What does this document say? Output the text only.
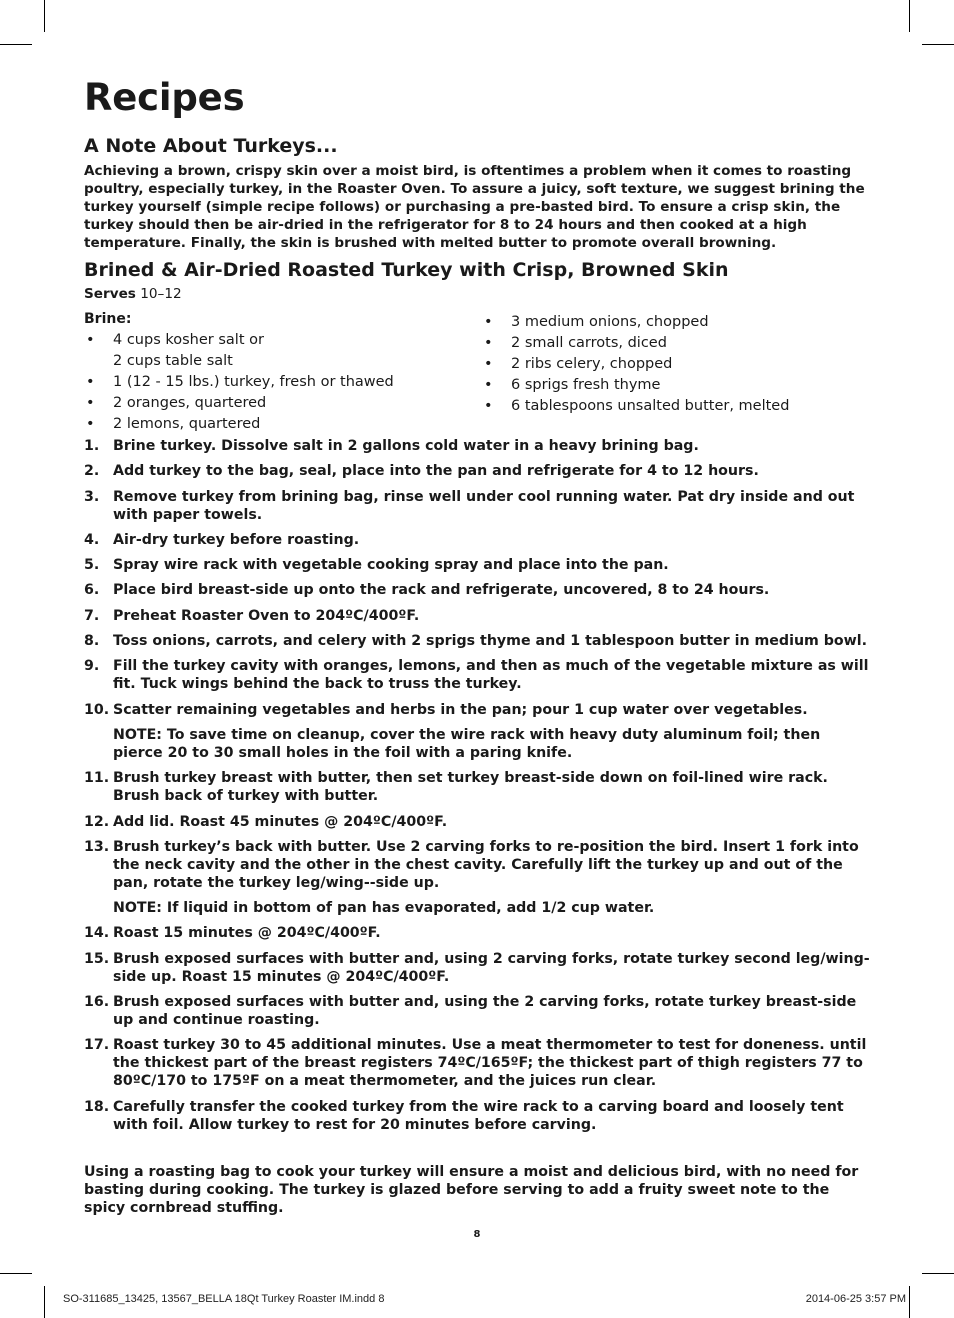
Recipes
A Note About Turkeys...

Achieving a brown, crispy skin over a moist bird, is oftentimes a problem when it comes to roasting poultry, especially turkey, in the Roaster Oven. To assure a juicy, soft texture, we suggest brining the turkey yourself (simple recipe follows) or purchasing a pre-basted bird. To ensure a crisp skin, the turkey should then be air-dried in the refrigerator for 8 to 24 hours and then cooked at a high temperature. Finally, the skin is brushed with melted butter to promote overall browning.

Brined & Air-Dried Roasted Turkey with Crisp, Browned Skin
Serves 10–12
Brine:
• 4 cups kosher salt or
2 cups table salt
• 1 (12 - 15 lbs.) turkey, fresh or thawed
• 2 oranges, quartered
• 2 lemons, quartered
• 3 medium onions, chopped
• 2 small carrots, diced
• 2 ribs celery, chopped
• 6 sprigs fresh thyme
• 6 tablespoons unsalted butter, melted
1. Brine turkey. Dissolve salt in 2 gallons cold water in a heavy brining bag.
2. Add turkey to the bag, seal, place into the pan and refrigerate for 4 to 12 hours.
3. Remove turkey from brining bag, rinse well under cool running water. Pat dry inside and out with paper towels.
4. Air-dry turkey before roasting.
5. Spray wire rack with vegetable cooking spray and place into the pan.
6. Place bird breast-side up onto the rack and refrigerate, uncovered, 8 to 24 hours.
7. Preheat Roaster Oven to 204ºC/400ºF.
8. Toss onions, carrots, and celery with 2 sprigs thyme and 1 tablespoon butter in medium bowl.
9. Fill the turkey cavity with oranges, lemons, and then as much of the vegetable mixture as will fit. Tuck wings behind the back to truss the turkey.
10. Scatter remaining vegetables and herbs in the pan; pour 1 cup water over vegetables.
NOTE: To save time on cleanup, cover the wire rack with heavy duty aluminum foil; then pierce 20 to 30 small holes in the foil with a paring knife.
11. Brush turkey breast with butter, then set turkey breast-side down on foil-lined wire rack. Brush back of turkey with butter.
12. Add lid. Roast 45 minutes @ 204ºC/400ºF.
13. Brush turkey’s back with butter. Use 2 carving forks to re-position the bird. Insert 1 fork into the neck cavity and the other in the chest cavity. Carefully lift the turkey up and out of the pan, rotate the turkey leg/wing--side up.
NOTE: If liquid in bottom of pan has evaporated, add 1/2 cup water.
14. Roast 15 minutes @ 204ºC/400ºF.
15. Brush exposed surfaces with butter and, using 2 carving forks, rotate turkey second leg/wing-side up. Roast 15 minutes @ 204ºC/400ºF.
16. Brush exposed surfaces with butter and, using the 2 carving forks, rotate turkey breast-side up and continue roasting.
17. Roast turkey 30 to 45 additional minutes. Use a meat thermometer to test for doneness. until the thickest part of the breast registers 74ºC/165ºF; the thickest part of thigh registers 77 to 80ºC/170 to 175ºF on a meat thermometer, and the juices run clear.
18. Carefully transfer the cooked turkey from the wire rack to a carving board and loosely tent with foil. Allow turkey to rest for 20 minutes before carving.

Using a roasting bag to cook your turkey will ensure a moist and delicious bird, with no need for basting during cooking. The turkey is glazed before serving to add a fruity sweet note to the spicy cornbread stuffing.

8
SO-311685_13425, 13567_BELLA 18Qt Turkey Roaster IM.indd 8	2014-06-25 3:57 PM
